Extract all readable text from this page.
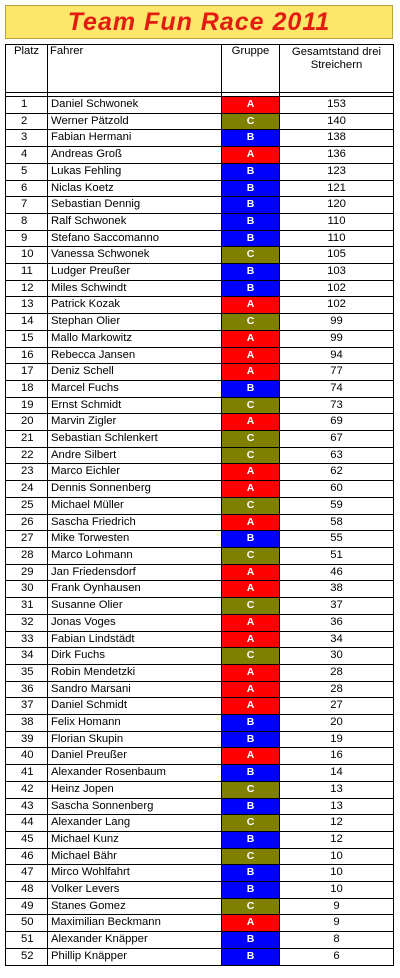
Team Fun Race 2011
Platz	Fahrer	Gruppe	Gesamtstand drei Streichern

1	Daniel Schwonek	A	153
2	Werner Pätzold	C	140
3	Fabian Hermani	B	138
4	Andreas Groß	A	136
5	Lukas Fehling	B	123
6	Niclas Koetz	B	121
7	Sebastian Dennig	B	120
8	Ralf Schwonek	B	110
9	Stefano Saccomanno	B	110
10	Vanessa Schwonek	C	105
11	Ludger Preußer	B	103
12	Miles Schwindt	B	102
13	Patrick Kozak	A	102
14	Stephan Olier	C	99
15	Mallo Markowitz	A	99
16	Rebecca Jansen	A	94
17	Deniz Schell	A	77
18	Marcel Fuchs	B	74
19	Ernst Schmidt	C	73
20	Marvin Zigler	A	69
21	Sebastian Schlenkert	C	67
22	Andre Silbert	C	63
23	Marco Eichler	A	62
24	Dennis Sonnenberg	A	60
25	Michael Müller	C	59
26	Sascha Friedrich	A	58
27	Mike Torwesten	B	55
28	Marco Lohmann	C	51
29	Jan Friedensdorf	A	46
30	Frank Oynhausen	A	38
31	Susanne Olier	C	37
32	Jonas Voges	A	36
33	Fabian Lindstädt	A	34
34	Dirk Fuchs	C	30
35	Robin Mendetzki	A	28
36	Sandro Marsani	A	28
37	Daniel Schmidt	A	27
38	Felix Homann	B	20
39	Florian Skupin	B	19
40	Daniel Preußer	A	16
41	Alexander Rosenbaum	B	14
42	Heinz Jopen	C	13
43	Sascha Sonnenberg	B	13
44	Alexander Lang	C	12
45	Michael Kunz	B	12
46	Michael Bähr	C	10
47	Mirco Wohlfahrt	B	10
48	Volker Levers	B	10
49	Stanes Gomez	C	9
50	Maximilian Beckmann	A	9
51	Alexander Knäpper	B	8
52	Phillip Knäpper	B	6
